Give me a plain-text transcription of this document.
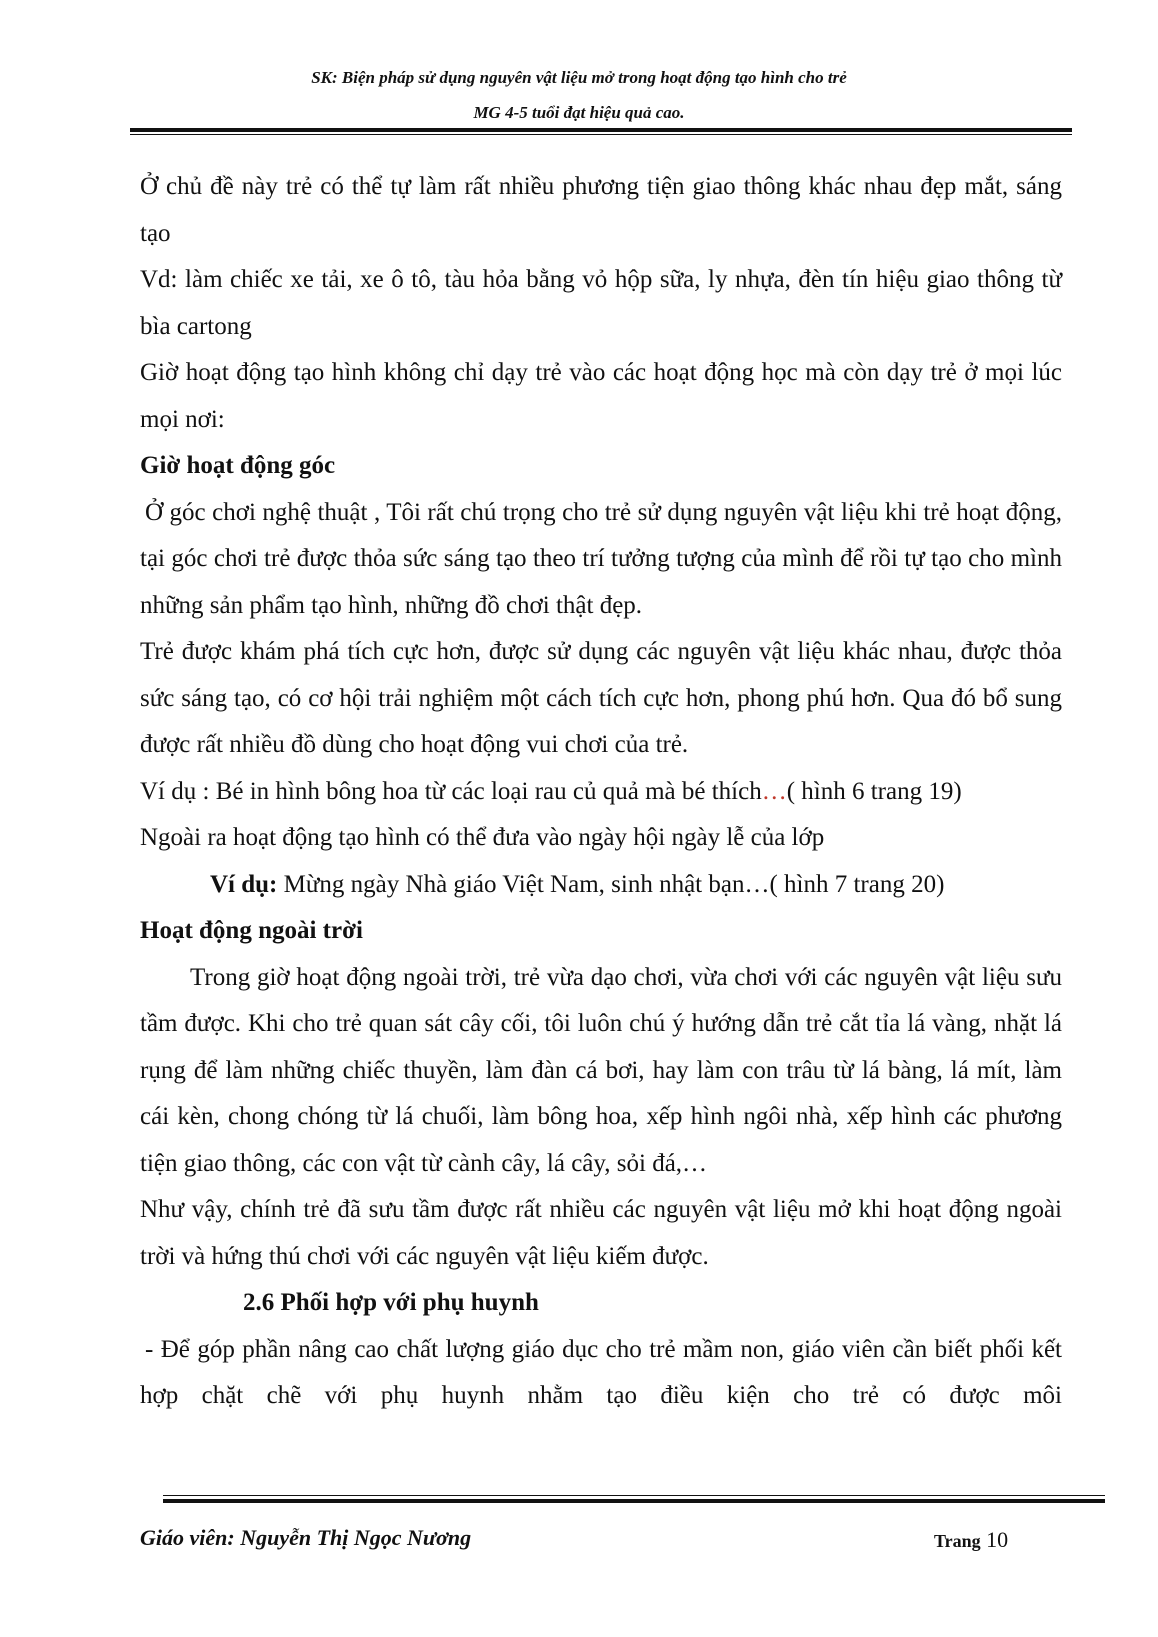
SK: Biện pháp sử dụng nguyên vật liệu mở trong hoạt động tạo hình cho trẻ
MG 4-5 tuổi đạt hiệu quả cao.

Ở chủ đề này trẻ có thể tự làm rất nhiều phương tiện giao thông khác nhau đẹp mắt, sáng tạo

Vd: làm chiếc xe tải, xe ô tô, tàu hỏa bằng vỏ hộp sữa, ly nhựa, đèn tín hiệu giao thông từ bìa cartong

Giờ hoạt động tạo hình không chỉ dạy trẻ vào các hoạt động học mà còn dạy trẻ ở mọi lúc mọi nơi:

Giờ hoạt động góc

Ở góc chơi nghệ thuật , Tôi rất chú trọng cho trẻ sử dụng nguyên vật liệu khi trẻ hoạt động, tại góc chơi trẻ được thỏa sức sáng tạo theo trí tưởng tượng của mình để rồi tự tạo cho mình những sản phẩm tạo hình, những đồ chơi thật đẹp.

Trẻ được khám phá tích cực hơn, được sử dụng các nguyên vật liệu khác nhau, được thỏa sức sáng tạo, có cơ hội trải nghiệm một cách tích cực hơn, phong phú hơn. Qua đó bổ sung được rất nhiều đồ dùng cho hoạt động vui chơi của trẻ.

Ví dụ : Bé in hình bông hoa từ các loại rau củ quả mà bé thích…( hình 6 trang 19)

Ngoài ra hoạt động tạo hình có thể đưa vào ngày hội ngày lễ của lớp

Ví dụ: Mừng ngày Nhà giáo Việt Nam, sinh nhật bạn…( hình 7 trang 20)

Hoạt động ngoài trời

Trong giờ hoạt động ngoài trời, trẻ vừa dạo chơi, vừa chơi với các nguyên vật liệu sưu tầm được. Khi cho trẻ quan sát cây cối, tôi luôn chú ý hướng dẫn trẻ cắt tỉa lá vàng, nhặt lá rụng để làm những chiếc thuyền, làm đàn cá bơi, hay làm con trâu từ lá bàng, lá mít, làm cái kèn, chong chóng từ lá chuối, làm bông hoa, xếp hình ngôi nhà, xếp hình các phương tiện giao thông, các con vật từ cành cây, lá cây, sỏi đá,…

Như vậy, chính trẻ đã sưu tầm được rất nhiều các nguyên vật liệu mở khi hoạt động ngoài trời và hứng thú chơi với các nguyên vật liệu kiếm được.

2.6 Phối hợp với phụ huynh

- Để góp phần nâng cao chất lượng giáo dục cho trẻ mầm non, giáo viên cần biết phối kết hợp chặt chẽ với phụ huynh nhằm tạo điều kiện cho trẻ có được môi

Giáo viên: Nguyễn Thị Ngọc Nương	Trang 10
